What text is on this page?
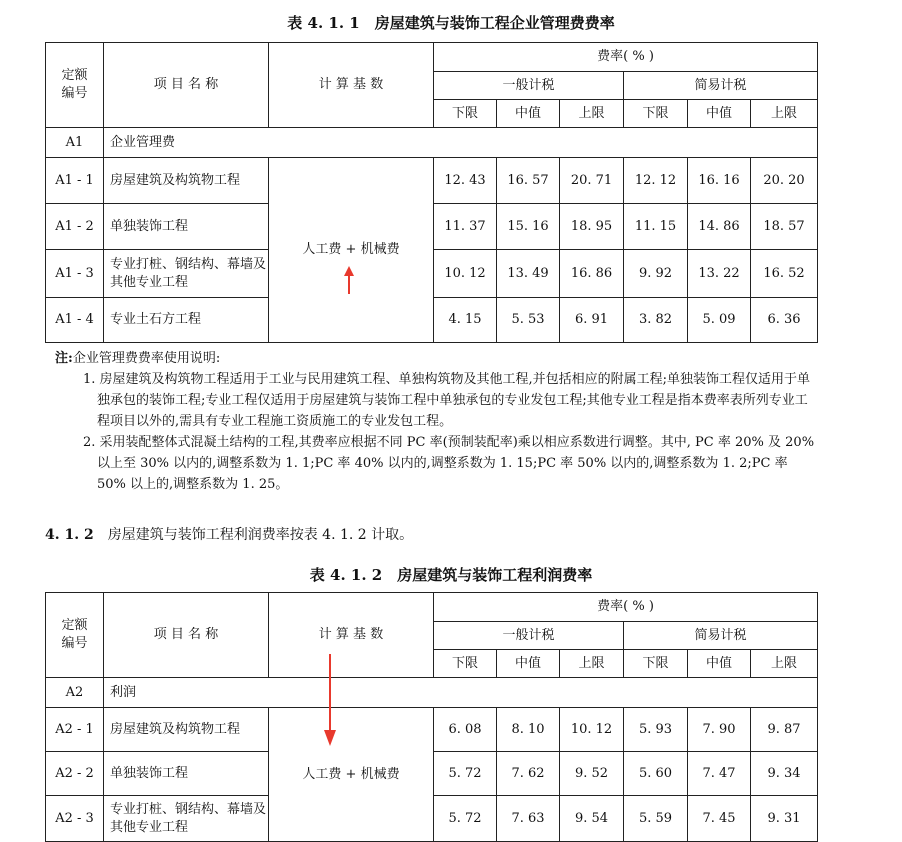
表 4. 1. 1　房屋建筑与装饰工程企业管理费费率
定额
编号	项 目 名 称	计 算 基 数	费率( % )					
			一般计税			简易计税		
			下限	中值	上限	下限	中值	上限
A1	企业管理费							
A1 - 1	房屋建筑及构筑物工程	人工费 + 机械费	12. 43	16. 57	20. 71	12. 12	16. 16	20. 20
A1 - 2	单独装饰工程		11. 37	15. 16	18. 95	11. 15	14. 86	18. 57
A1 - 3	专业打桩、钢结构、幕墙及其他专业工程		10. 12	13. 49	16. 86	9. 92	13. 22	16. 52
A1 - 4	专业土石方工程		4. 15	5. 53	6. 91	3. 82	5. 09	6. 36
注:企业管理费费率使用说明:
1. 房屋建筑及构筑物工程适用于工业与民用建筑工程、单独构筑物及其他工程,并包括相应的附属工程;单独装饰工程仅适用于单独承包的装饰工程;专业工程仅适用于房屋建筑与装饰工程中单独承包的专业发包工程;其他专业工程是指本费率表所列专业工程项目以外的,需具有专业工程施工资质施工的专业发包工程。
2. 采用装配整体式混凝土结构的工程,其费率应根据不同 PC 率(预制装配率)乘以相应系数进行调整。其中, PC 率 20% 及 20% 以上至 30% 以内的,调整系数为 1. 1;PC 率 40% 以内的,调整系数为 1. 15;PC 率 50% 以内的,调整系数为 1. 2;PC 率 50% 以上的,调整系数为 1. 25。
4. 1. 2 房屋建筑与装饰工程利润费率按表 4. 1. 2 计取。
表 4. 1. 2　房屋建筑与装饰工程利润费率
定额
编号	项 目 名 称	计 算 基 数	费率( % )					
			一般计税			简易计税		
			下限	中值	上限	下限	中值	上限
A2	利润							
A2 - 1	房屋建筑及构筑物工程	人工费 + 机械费	6. 08	8. 10	10. 12	5. 93	7. 90	9. 87
A2 - 2	单独装饰工程		5. 72	7. 62	9. 52	5. 60	7. 47	9. 34
A2 - 3	专业打桩、钢结构、幕墙及其他专业工程		5. 72	7. 63	9. 54	5. 59	7. 45	9. 31
